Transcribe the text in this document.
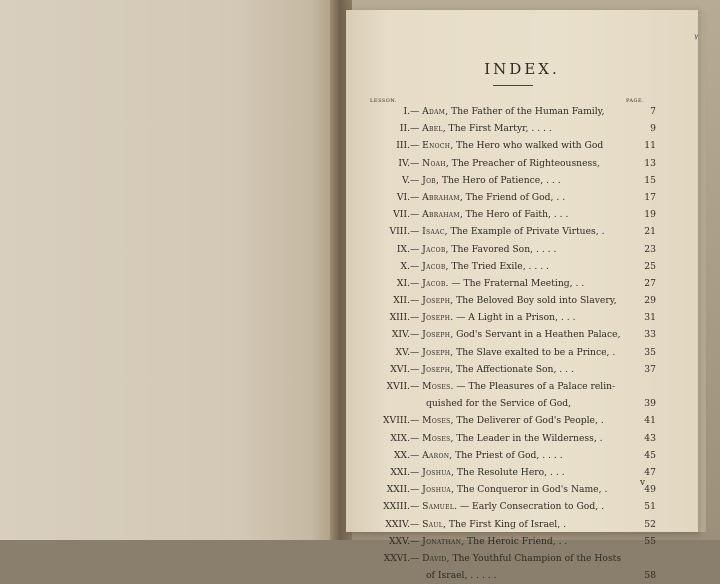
INDEX.
LESSON.	PAGE.
I. — Adam, The Father of the Human Family,	7
II. — Abel, The First Martyr, . . . .	9
III. — Enoch, The Hero who walked with God	11
IV. — Noah, The Preacher of Righteousness,	13
V. — Job, The Hero of Patience, . . .	15
VI. — Abraham, The Friend of God, . .	17
VII. — Abraham, The Hero of Faith, . . .	19
VIII. — Isaac, The Example of Private Virtues, .	21
IX. — Jacob, The Favored Son, . . . .	23
X. — Jacob, The Tried Exile, . . . .	25
XI. — Jacob. — The Fraternal Meeting, . .	27
XII. — Joseph, The Beloved Boy sold into Slavery,	29
XIII. — Joseph. — A Light in a Prison, . . .	31
XIV. — Joseph, God's Servant in a Heathen Palace,	33
XV. — Joseph, The Slave exalted to be a Prince, .	35
XVI. — Joseph, The Affectionate Son, . . .	37
XVII. — Moses. — The Pleasures of a Palace relin-
quished for the Service of God,	39
XVIII. — Moses, The Deliverer of God's People, .	41
XIX. — Moses, The Leader in the Wilderness, .	43
XX. — Aaron, The Priest of God, . . . .	45
XXI. — Joshua, The Resolute Hero, . . .	47
XXII. — Joshua, The Conqueror in God's Name, .	49
XXIII. — Samuel. — Early Consecration to God, .	51
XXIV. — Saul, The First King of Israel, .	52
XXV. — Jonathan, The Heroic Friend, . .	55
XXVI. — David, The Youthful Champion of the Hosts
of Israel, . . . . .	58
v
ᵧ
